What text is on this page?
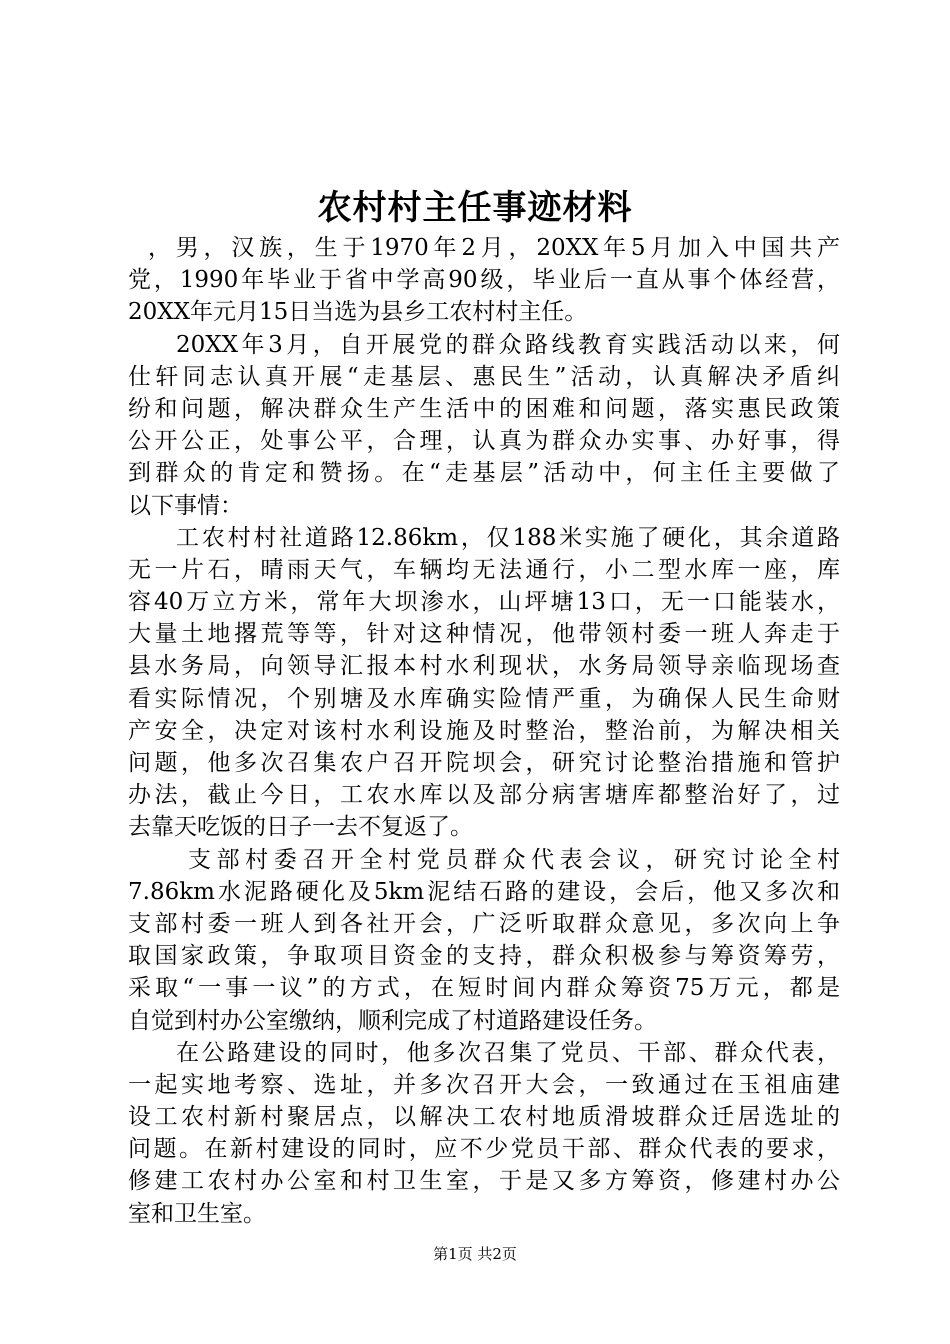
农村村主任事迹材料
，男，汉族，生于1970年2月，20XX年5月加入中国共产
党，1990年毕业于省中学高90级，毕业后一直从事个体经营，
20XX年元月15日当选为县乡工农村村主任。
20XX年3月，自开展党的群众路线教育实践活动以来，何
仕轩同志认真开展“走基层、惠民生”活动，认真解决矛盾纠
纷和问题，解决群众生产生活中的困难和问题，落实惠民政策
公开公正，处事公平，合理，认真为群众办实事、办好事，得
到群众的肯定和赞扬。在“走基层”活动中，何主任主要做了
以下事情：
工农村村社道路12.86km，仅188米实施了硬化，其余道路
无一片石，晴雨天气，车辆均无法通行，小二型水库一座，库
容40万立方米，常年大坝渗水，山坪塘13口，无一口能装水，
大量土地撂荒等等，针对这种情况，他带领村委一班人奔走于
县水务局，向领导汇报本村水利现状，水务局领导亲临现场查
看实际情况，个别塘及水库确实险情严重，为确保人民生命财
产安全，决定对该村水利设施及时整治，整治前，为解决相关
问题，他多次召集农户召开院坝会，研究讨论整治措施和管护
办法，截止今日，工农水库以及部分病害塘库都整治好了，过
去靠天吃饭的日子一去不复返了。
支部村委召开全村党员群众代表会议，研究讨论全村
7.86km水泥路硬化及5km泥结石路的建设，会后，他又多次和
支部村委一班人到各社开会，广泛听取群众意见，多次向上争
取国家政策，争取项目资金的支持，群众积极参与筹资筹劳，
采取“一事一议”的方式，在短时间内群众筹资75万元，都是
自觉到村办公室缴纳，顺利完成了村道路建设任务。
在公路建设的同时，他多次召集了党员、干部、群众代表，
一起实地考察、选址，并多次召开大会，一致通过在玉祖庙建
设工农村新村聚居点，以解决工农村地质滑坡群众迁居选址的
问题。在新村建设的同时，应不少党员干部、群众代表的要求，
修建工农村办公室和村卫生室，于是又多方筹资，修建村办公
室和卫生室。
第1页 共2页
